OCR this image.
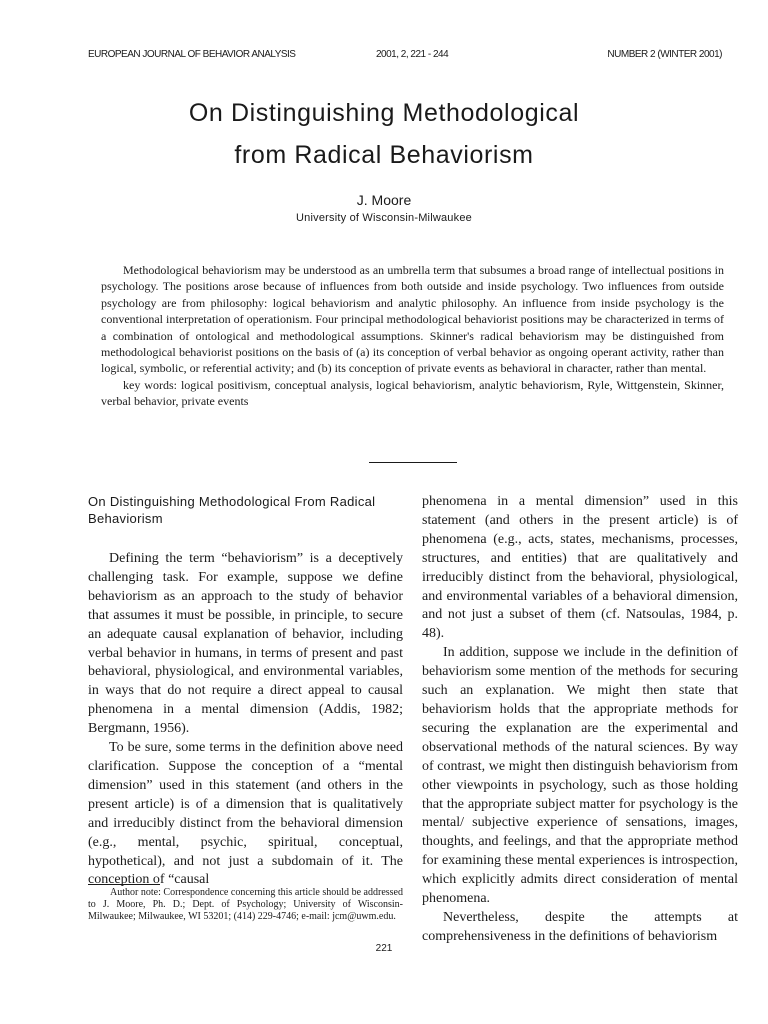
EUROPEAN JOURNAL OF BEHAVIOR ANALYSIS	2001, 2, 221 - 244	NUMBER 2 (WINTER 2001)
On Distinguishing Methodological
from Radical Behaviorism
J. Moore
University of Wisconsin-Milwaukee

Methodological behaviorism may be understood as an umbrella term that subsumes a broad range of intellectual positions in psychology. The positions arose because of influences from both outside and inside psychology. Two influences from outside psychology are from philosophy: logical behaviorism and analytic philosophy. An influence from inside psychology is the conventional interpretation of operationism. Four principal methodological behaviorist positions may be characterized in terms of a combination of ontological and methodological assumptions. Skinner's radical behaviorism may be distinguished from methodological behaviorist positions on the basis of (a) its conception of verbal behavior as ongoing operant activity, rather than logical, symbolic, or referential activity; and (b) its conception of private events as behavioral in character, rather than mental.

key words: logical positivism, conceptual analysis, logical behaviorism, analytic behaviorism, Ryle, Wittgenstein, Skinner, verbal behavior, private events

On Distinguishing Methodological From Radical Behaviorism

Defining the term “behaviorism” is a deceptively challenging task. For example, suppose we define behaviorism as an approach to the study of behavior that assumes it must be possible, in principle, to secure an adequate causal explanation of behavior, including verbal behavior in humans, in terms of present and past behavioral, physiological, and environmental variables, in ways that do not require a direct appeal to causal phenomena in a mental dimension (Addis, 1982; Bergmann, 1956).

To be sure, some terms in the definition above need clarification. Suppose the conception of a “mental dimension” used in this statement (and others in the present article) is of a dimension that is qualitatively and irreducibly distinct from the behavioral dimension (e.g., mental, psychic, spiritual, conceptual, hypothetical), and not just a subdomain of it. The conception of “causal

phenomena in a mental dimension” used in this statement (and others in the present article) is of phenomena (e.g., acts, states, mechanisms, processes, structures, and entities) that are qualitatively and irreducibly distinct from the behavioral, physiological, and environmental variables of a behavioral dimension, and not just a subset of them (cf. Natsoulas, 1984, p. 48).

In addition, suppose we include in the definition of behaviorism some mention of the methods for securing such an explanation. We might then state that behaviorism holds that the appropriate methods for securing the explanation are the experimental and observational methods of the natural sciences. By way of contrast, we might then distinguish behaviorism from other viewpoints in psychology, such as those holding that the appropriate subject matter for psychology is the mental/ subjective experience of sensations, images, thoughts, and feelings, and that the appropriate method for examining these mental experiences is introspection, which explicitly admits direct consideration of mental phenomena.

Nevertheless, despite the attempts at comprehensiveness in the definitions of behaviorism

Author note: Correspondence concerning this article should be addressed to J. Moore, Ph. D.; Dept. of Psychology; University of Wisconsin-Milwaukee; Milwaukee, WI 53201; (414) 229-4746; e-mail: jcm@uwm.edu.

221
